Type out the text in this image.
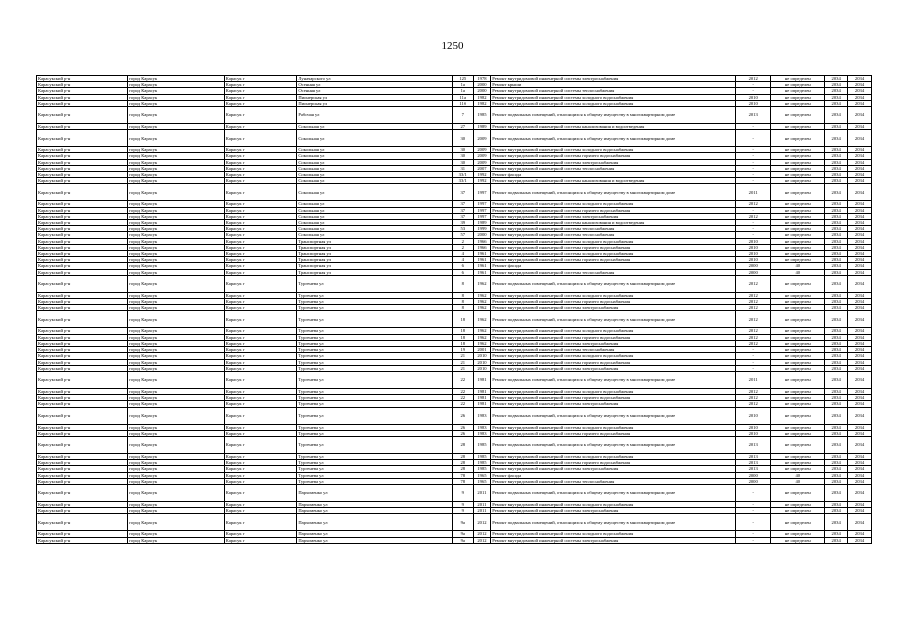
1250
Карасукский р-н	город Карасук	Карасук г	Луначарского ул	125	1978	Ремонт внутридомовой инженерной системы электроснабжения	2012	не определен	2034	2034
Карасукский р-н	город Карасук	Карасук г	Осенняя ул	1а	2000	Ремонт крыши	-	не определен	2034	2034
Карасукский р-н	город Карасук	Карасук г	Осенняя ул	1а	2000	Ремонт внутридомовой инженерной системы теплоснабжения	-	не определен	2034	2034
Карасукский р-н	город Карасук	Карасук г	Пионерская ул	11а	1982	Ремонт внутридомовой инженерной системы холодного водоснабжения	2010	не определен	2034	2034
Карасукский р-н	город Карасук	Карасук г	Пионерская ул	11б	1982	Ремонт внутридомовой инженерной системы холодного водоснабжения	2010	не определен	2034	2034
Карасукский р-н	город Карасук	Карасук г	Рабочая ул	7	1985	Ремонт подвальных помещений, относящихся к общему имуществу в многоквартирном доме	2013	не определен	2034	2034
Карасукский р-н	город Карасук	Карасук г	Сокольная ул	27	1989	Ремонт внутридомовой инженерной системы канализования и водоотведения	-	не определен	2034	2034
Карасукский р-н	город Карасук	Карасук г	Сокольная ул	30	2009	Ремонт подвальных помещений, относящихся к общему имуществу в многоквартирном доме	-	не определен	2034	2034
Карасукский р-н	город Карасук	Карасук г	Сокольная ул	30	2009	Ремонт внутридомовой инженерной системы холодного водоснабжения	-	не определен	2034	2034
Карасукский р-н	город Карасук	Карасук г	Сокольная ул	30	2009	Ремонт внутридомовой инженерной системы горячего водоснабжения	-	не определен	2034	2034
Карасукский р-н	город Карасук	Карасук г	Сокольная ул	30	2009	Ремонт внутридомовой инженерной системы электроснабжения	-	не определен	2034	2034
Карасукский р-н	город Карасук	Карасук г	Сокольная ул	31	2007	Ремонт внутридомовой инженерной системы теплоснабжения	-	не определен	2034	2034
Карасукский р-н	город Карасук	Карасук г	Сокольная ул	33/1	1992	Ремонт фасада	-	не определен	2034	2034
Карасукский р-н	город Карасук	Карасук г	Сокольная ул	33/1	1992	Ремонт внутридомовой инженерной системы канализования и водоотведения	-	не определен	2034	2034
Карасукский р-н	город Карасук	Карасук г	Сокольная ул	37	1997	Ремонт подвальных помещений, относящихся к общему имуществу в многоквартирном доме	2011	не определен	2034	2034
Карасукский р-н	город Карасук	Карасук г	Сокольная ул	37	1997	Ремонт внутридомовой инженерной системы холодного водоснабжения	2012	не определен	2034	2034
Карасукский р-н	город Карасук	Карасук г	Сокольная ул	37	1997	Ремонт внутридомовой инженерной системы горячего водоснабжения	-	не определен	2034	2034
Карасукский р-н	город Карасук	Карасук г	Сокольная ул	37	1997	Ремонт внутридомовой инженерной системы электроснабжения	2012	не определен	2034	2034
Карасукский р-н	город Карасук	Карасук г	Сокольная ул	39	1989	Ремонт внутридомовой инженерной системы канализования и водоотведения	-	не определен	2034	2034
Карасукский р-н	город Карасук	Карасук г	Сокольная ул	53	1999	Ремонт внутридомовой инженерной системы теплоснабжения	-	не определен	2034	2034
Карасукский р-н	город Карасук	Карасук г	Сокольная ул	57	2000	Ремонт внутридомовой инженерной системы теплоснабжения	-	не определен	2034	2034
Карасукский р-н	город Карасук	Карасук г	Транспортная ул	2	1966	Ремонт внутридомовой инженерной системы холодного водоснабжения	2010	не определен	2034	2034
Карасукский р-н	город Карасук	Карасук г	Транспортная ул	2	1966	Ремонт внутридомовой инженерной системы горячего водоснабжения	2010	не определен	2034	2034
Карасукский р-н	город Карасук	Карасук г	Транспортная ул	4	1961	Ремонт внутридомовой инженерной системы холодного водоснабжения	2010	не определен	2034	2034
Карасукский р-н	город Карасук	Карасук г	Транспортная ул	4	1961	Ремонт внутридомовой инженерной системы горячего водоснабжения	2010	не определен	2034	2034
Карасукский р-н	город Карасук	Карасук г	Транспортная ул	6	1961	Ремонт фасада	2000	40	2034	2034
Карасукский р-н	город Карасук	Карасук г	Транспортная ул	6	1961	Ремонт внутридомовой инженерной системы теплоснабжения	2000	40	2034	2034
Карасукский р-н	город Карасук	Карасук г	Тургенева ул	8	1962	Ремонт подвальных помещений, относящихся к общему имуществу в многоквартирном доме	2012	не определен	2034	2034
Карасукский р-н	город Карасук	Карасук г	Тургенева ул	8	1962	Ремонт внутридомовой инженерной системы холодного водоснабжения	2012	не определен	2034	2034
Карасукский р-н	город Карасук	Карасук г	Тургенева ул	8	1962	Ремонт внутридомовой инженерной системы горячего водоснабжения	2012	не определен	2034	2034
Карасукский р-н	город Карасук	Карасук г	Тургенева ул	8	1962	Ремонт внутридомовой инженерной системы электроснабжения	2012	не определен	2034	2034
Карасукский р-н	город Карасук	Карасук г	Тургенева ул	18	1962	Ремонт подвальных помещений, относящихся к общему имуществу в многоквартирном доме	2012	не определен	2034	2034
Карасукский р-н	город Карасук	Карасук г	Тургенева ул	18	1962	Ремонт внутридомовой инженерной системы холодного водоснабжения	2012	не определен	2034	2034
Карасукский р-н	город Карасук	Карасук г	Тургенева ул	18	1962	Ремонт внутридомовой инженерной системы горячего водоснабжения	2012	не определен	2034	2034
Карасукский р-н	город Карасук	Карасук г	Тургенева ул	18	1962	Ремонт внутридомовой инженерной системы электроснабжения	2012	не определен	2034	2034
Карасукский р-н	город Карасук	Карасук г	Тургенева ул	19	2001	Ремонт внутридомовой инженерной системы теплоснабжения	-	не определен	2034	2034
Карасукский р-н	город Карасук	Карасук г	Тургенева ул	21	2010	Ремонт внутридомовой инженерной системы холодного водоснабжения	-	не определен	2034	2034
Карасукский р-н	город Карасук	Карасук г	Тургенева ул	21	2010	Ремонт внутридомовой инженерной системы горячего водоснабжения	-	не определен	2034	2034
Карасукский р-н	город Карасук	Карасук г	Тургенева ул	21	2010	Ремонт внутридомовой инженерной системы электроснабжения	-	не определен	2034	2034
Карасукский р-н	город Карасук	Карасук г	Тургенева ул	22	1981	Ремонт подвальных помещений, относящихся к общему имуществу в многоквартирном доме	2011	не определен	2034	2034
Карасукский р-н	город Карасук	Карасук г	Тургенева ул	22	1981	Ремонт внутридомовой инженерной системы холодного водоснабжения	2012	не определен	2034	2034
Карасукский р-н	город Карасук	Карасук г	Тургенева ул	22	1981	Ремонт внутридомовой инженерной системы горячего водоснабжения	2012	не определен	2034	2034
Карасукский р-н	город Карасук	Карасук г	Тургенева ул	22	1981	Ремонт внутридомовой инженерной системы электроснабжения	2012	не определен	2034	2034
Карасукский р-н	город Карасук	Карасук г	Тургенева ул	26	1983	Ремонт подвальных помещений, относящихся к общему имуществу в многоквартирном доме	2010	не определен	2034	2034
Карасукский р-н	город Карасук	Карасук г	Тургенева ул	26	1983	Ремонт внутридомовой инженерной системы холодного водоснабжения	2010	не определен	2034	2034
Карасукский р-н	город Карасук	Карасук г	Тургенева ул	26	1983	Ремонт внутридомовой инженерной системы горячего водоснабжения	2010	не определен	2034	2034
Карасукский р-н	город Карасук	Карасук г	Тургенева ул	28	1985	Ремонт подвальных помещений, относящихся к общему имуществу в многоквартирном доме	2013	не определен	2034	2034
Карасукский р-н	город Карасук	Карасук г	Тургенева ул	28	1985	Ремонт внутридомовой инженерной системы холодного водоснабжения	2013	не определен	2034	2034
Карасукский р-н	город Карасук	Карасук г	Тургенева ул	28	1985	Ремонт внутридомовой инженерной системы горячего водоснабжения	2013	не определен	2034	2034
Карасукский р-н	город Карасук	Карасук г	Тургенева ул	28	1985	Ремонт внутридомовой инженерной системы электроснабжения	2013	не определен	2034	2034
Карасукский р-н	город Карасук	Карасук г	Тургенева ул	78	1965	Ремонт фасада	2000	40	2034	2034
Карасукский р-н	город Карасук	Карасук г	Тургенева ул	78	1965	Ремонт внутридомовой инженерной системы теплоснабжения	2000	40	2034	2034
Карасукский р-н	город Карасук	Карасук г	Пархоменко ул	9	2011	Ремонт подвальных помещений, относящихся к общему имуществу в многоквартирном доме	-	не определен	2034	2034
Карасукский р-н	город Карасук	Карасук г	Пархоменко ул	9	2011	Ремонт внутридомовой инженерной системы холодного водоснабжения	-	не определен	2034	2034
Карасукский р-н	город Карасук	Карасук г	Пархоменко ул	9	2011	Ремонт внутридомовой инженерной системы электроснабжения	-	не определен	2034	2034
Карасукский р-н	город Карасук	Карасук г	Пархоменко ул	9а	2012	Ремонт подвальных помещений, относящихся к общему имуществу в многоквартирном доме	-	не определен	2034	2034
Карасукский р-н	город Карасук	Карасук г	Пархоменко ул	9а	2012	Ремонт внутридомовой инженерной системы холодного водоснабжения	-	не определен	2034	2034
Карасукский р-н	город Карасук	Карасук г	Пархоменко ул	9а	2012	Ремонт внутридомовой инженерной системы электроснабжения	-	не определен	2034	2034
